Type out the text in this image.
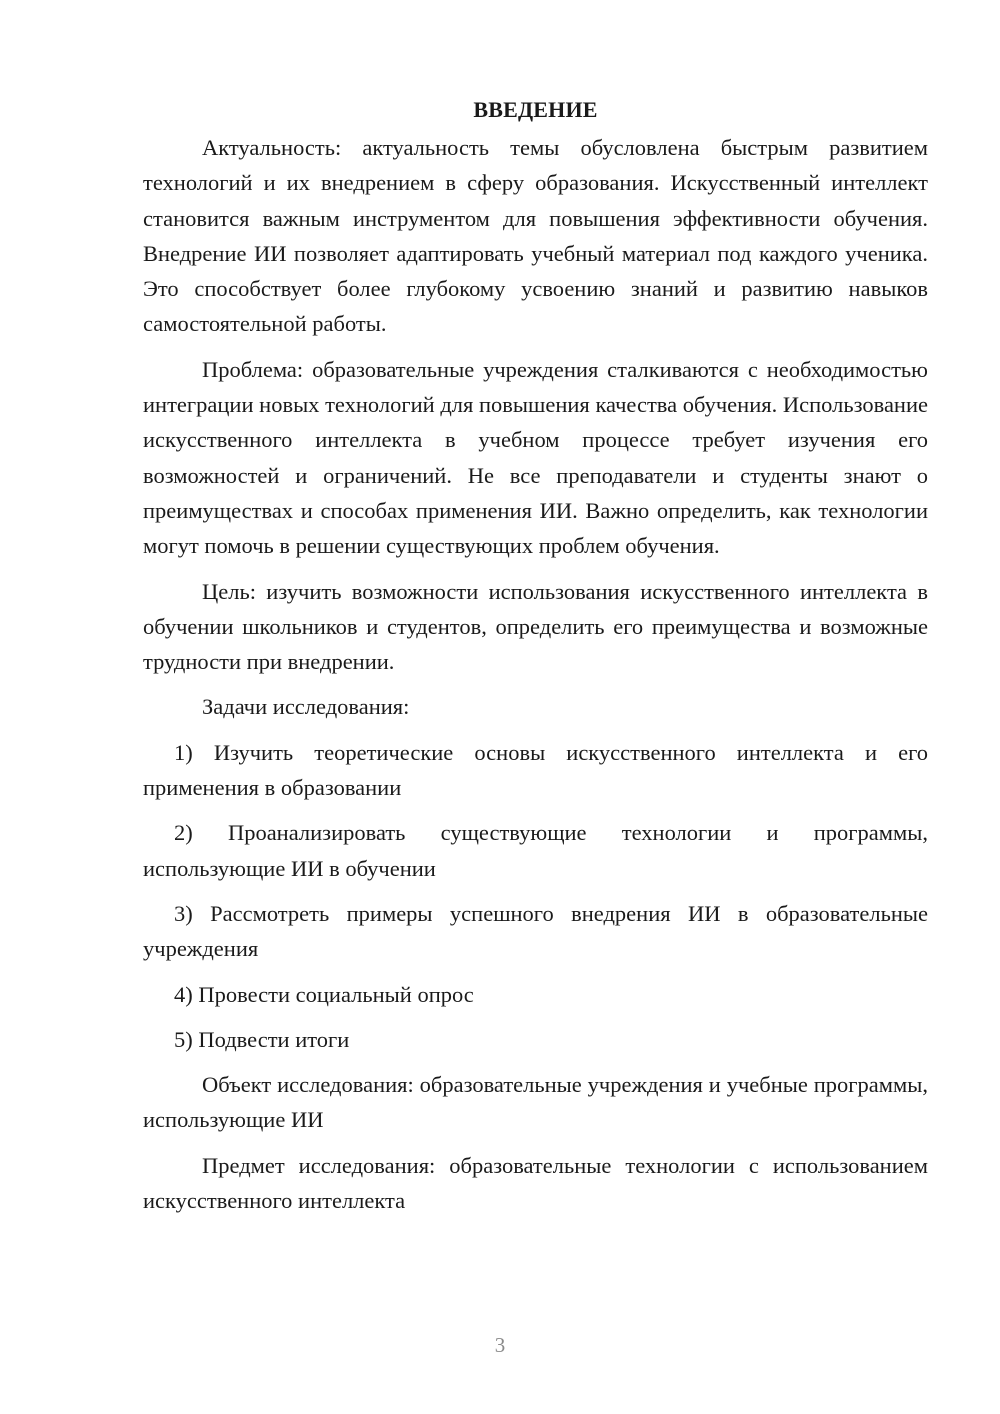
ВВЕДЕНИЕ

Актуальность: актуальность темы обусловлена быстрым развитием технологий и их внедрением в сферу образования. Искусственный интеллект становится важным инструментом для повышения эффективности обучения. Внедрение ИИ позволяет адаптировать учебный материал под каждого ученика. Это способствует более глубокому усвоению знаний и развитию навыков самостоятельной работы.

Проблема: образовательные учреждения сталкиваются с необходимостью интеграции новых технологий для повышения качества обучения. Использование искусственного интеллекта в учебном процессе требует изучения его возможностей и ограничений. Не все преподаватели и студенты знают о преимуществах и способах применения ИИ. Важно определить, как технологии могут помочь в решении существующих проблем обучения.

Цель: изучить возможности использования искусственного интеллекта в обучении школьников и студентов, определить его преимущества и возможные трудности при внедрении.

Задачи исследования:

1) Изучить теоретические основы искусственного интеллекта и его применения в образовании

2) Проанализировать существующие технологии и программы, использующие ИИ в обучении

3) Рассмотреть примеры успешного внедрения ИИ в образовательные учреждения

4) Провести социальный опрос

5) Подвести итоги

Объект исследования: образовательные учреждения и учебные программы, использующие ИИ

Предмет исследования: образовательные технологии с использованием искусственного интеллекта

3
